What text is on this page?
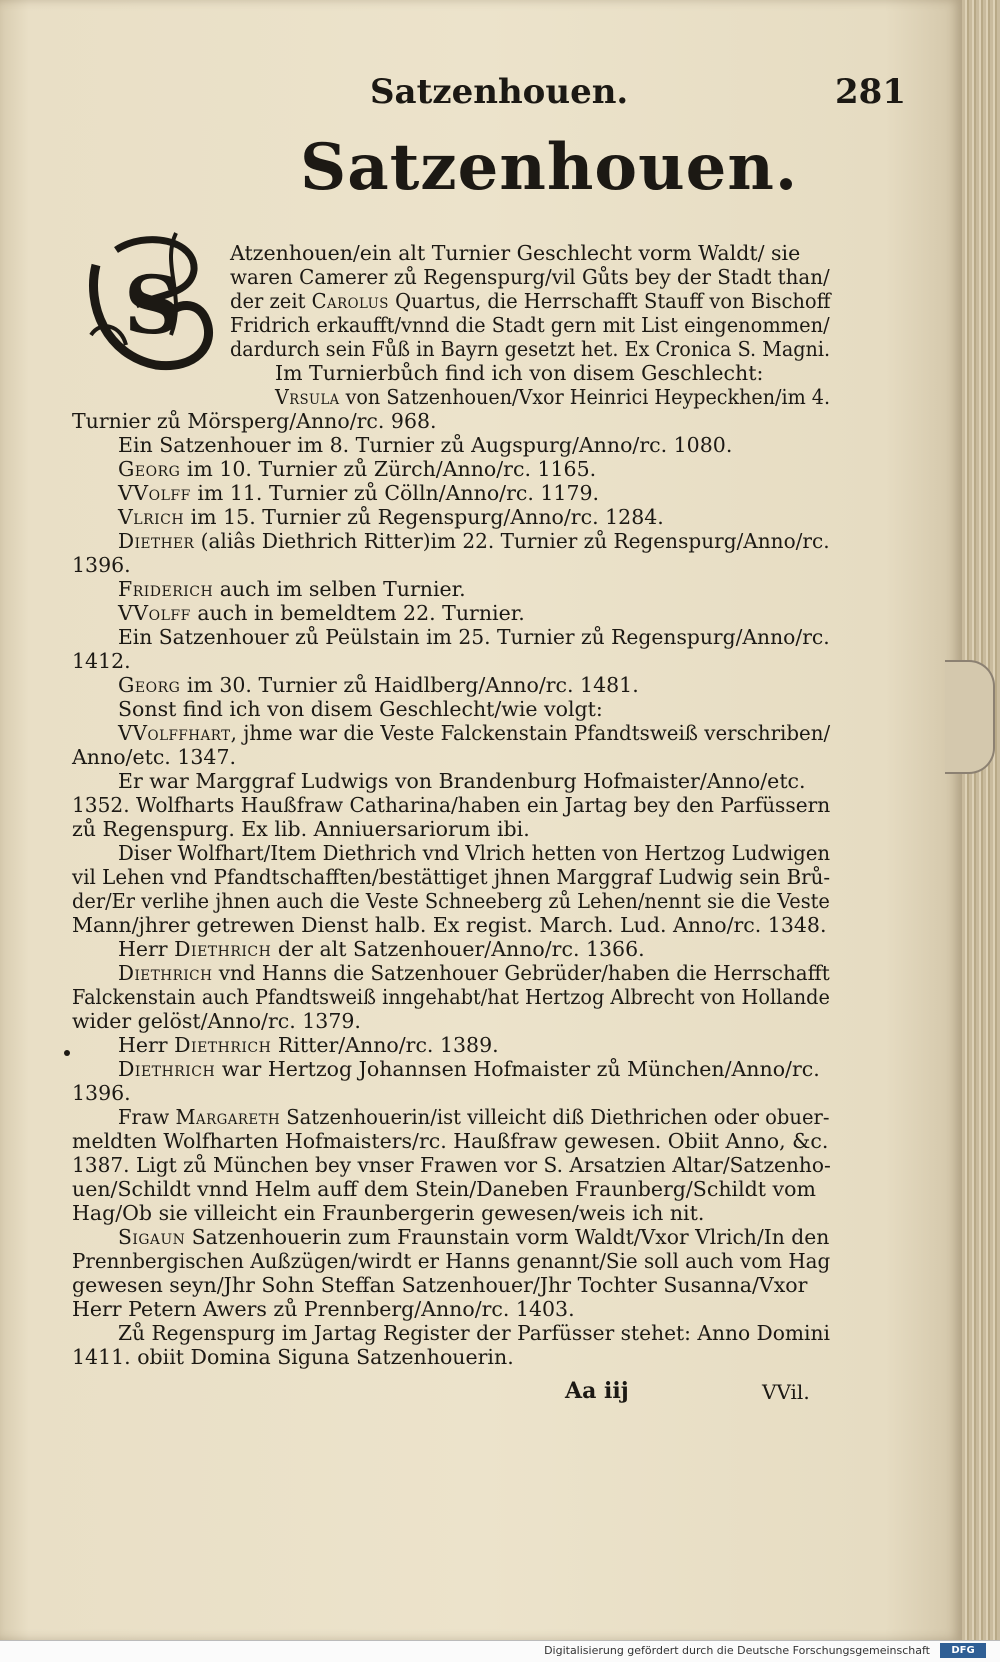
Satzenhouen.	281
Satzenhouen.
S
Atzenhouen/ein alt Turnier Geschlecht vorm Waldt/ sie
waren Camerer zů Regenspurg/vil Gůts bey der Stadt than/
der zeit Carolus Quartus, die Herrschafft Stauff von Bischoff
Fridrich erkaufft/vnnd die Stadt gern mit List eingenommen/
dardurch sein Fůß in Bayrn gesetzt het. Ex Cronica S. Magni.
Im Turnierbůch find ich von disem Geschlecht:
Vrsula von Satzenhouen/Vxor Heinrici Heypeckhen/im 4.
Turnier zů Mörsperg/Anno/rc. 968.
Ein Satzenhouer im 8. Turnier zů Augspurg/Anno/rc. 1080.
Georg im 10. Turnier zů Zürch/Anno/rc. 1165.
VVolff im 11. Turnier zů Cölln/Anno/rc. 1179.
Vlrich im 15. Turnier zů Regenspurg/Anno/rc. 1284.
Diether (aliâs Diethrich Ritter)im 22. Turnier zů Regenspurg/Anno/rc.
1396.
Friderich auch im selben Turnier.
VVolff auch in bemeldtem 22. Turnier.
Ein Satzenhouer zů Peülstain im 25. Turnier zů Regenspurg/Anno/rc.
1412.
Georg im 30. Turnier zů Haidlberg/Anno/rc. 1481.
Sonst find ich von disem Geschlecht/wie volgt:
VVolffhart, jhme war die Veste Falckenstain Pfandtsweiß verschriben/
Anno/etc. 1347.
Er war Marggraf Ludwigs von Brandenburg Hofmaister/Anno/etc.
1352. Wolfharts Haußfraw Catharina/haben ein Jartag bey den Parfüssern
zů Regenspurg. Ex lib. Anniuersariorum ibi.
Diser Wolfhart/Item Diethrich vnd Vlrich hetten von Hertzog Ludwigen
vil Lehen vnd Pfandtschafften/bestättiget jhnen Marggraf Ludwig sein Brů-
der/Er verlihe jhnen auch die Veste Schneeberg zů Lehen/nennt sie die Veste
Mann/jhrer getrewen Dienst halb. Ex regist. March. Lud. Anno/rc. 1348.
Herr Diethrich der alt Satzenhouer/Anno/rc. 1366.
Diethrich vnd Hanns die Satzenhouer Gebrüder/haben die Herrschafft
Falckenstain auch Pfandtsweiß inngehabt/hat Hertzog Albrecht von Hollande
wider gelöst/Anno/rc. 1379.
Herr Diethrich Ritter/Anno/rc. 1389.
Diethrich war Hertzog Johannsen Hofmaister zů München/Anno/rc.
1396.
Fraw Margareth Satzenhouerin/ist villeicht diß Diethrichen oder obuer-
meldten Wolfharten Hofmaisters/rc. Haußfraw gewesen. Obiit Anno, &c.
1387. Ligt zů München bey vnser Frawen vor S. Arsatzien Altar/Satzenho-
uen/Schildt vnnd Helm auff dem Stein/Daneben Fraunberg/Schildt vom
Hag/Ob sie villeicht ein Fraunbergerin gewesen/weis ich nit.
Sigaun Satzenhouerin zum Fraunstain vorm Waldt/Vxor Vlrich/In den
Prennbergischen Außzügen/wirdt er Hanns genannt/Sie soll auch vom Hag
gewesen seyn/Jhr Sohn Steffan Satzenhouer/Jhr Tochter Susanna/Vxor
Herr Petern Awers zů Prennberg/Anno/rc. 1403.
Zů Regenspurg im Jartag Register der Parfüsser stehet: Anno Domini
1411. obiit Domina Siguna Satzenhouerin.
Aa iij	VVil.
Digitalisierung gefördert durch die Deutsche Forschungsgemeinschaft	DFG
